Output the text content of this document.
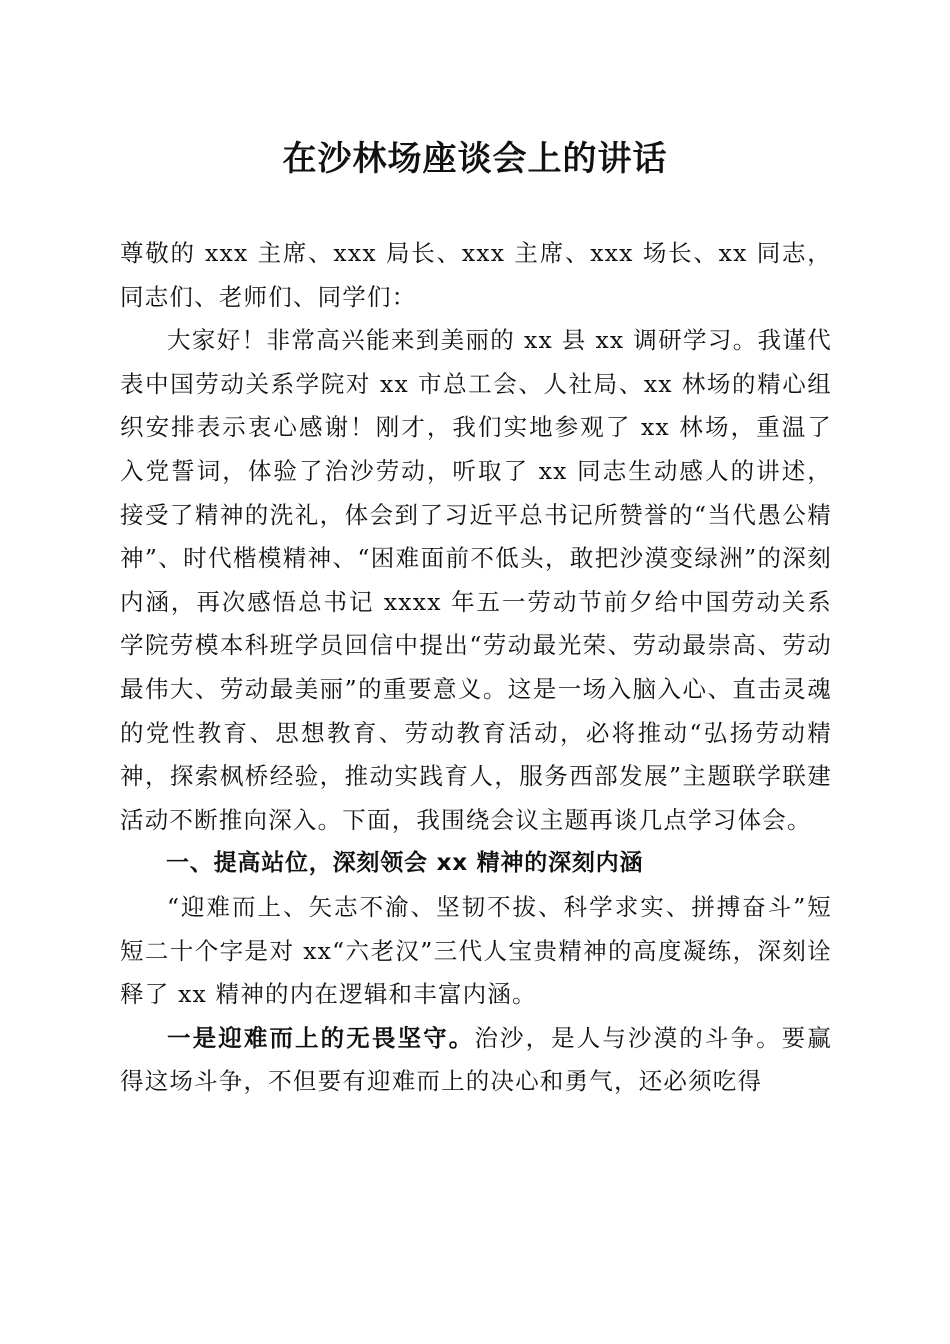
在沙林场座谈会上的讲话

尊敬的 xxx 主席、xxx 局长、xxx 主席、xxx 场长、xx 同志，同志们、老师们、同学们：

大家好！非常高兴能来到美丽的 xx 县 xx 调研学习。我谨代表中国劳动关系学院对 xx 市总工会、人社局、xx 林场的精心组织安排表示衷心感谢！刚才，我们实地参观了 xx 林场，重温了入党誓词，体验了治沙劳动，听取了 xx 同志生动感人的讲述，接受了精神的洗礼，体会到了习近平总书记所赞誉的“当代愚公精神”、时代楷模精神、“困难面前不低头，敢把沙漠变绿洲”的深刻内涵，再次感悟总书记 xxxx 年五一劳动节前夕给中国劳动关系学院劳模本科班学员回信中提出“劳动最光荣、劳动最崇高、劳动最伟大、劳动最美丽”的重要意义。这是一场入脑入心、直击灵魂的党性教育、思想教育、劳动教育活动，必将推动“弘扬劳动精神，探索枫桥经验，推动实践育人，服务西部发展”主题联学联建活动不断推向深入。下面，我围绕会议主题再谈几点学习体会。

一、提高站位，深刻领会 xx 精神的深刻内涵

“迎难而上、矢志不渝、坚韧不拔、科学求实、拼搏奋斗”短短二十个字是对 xx“六老汉”三代人宝贵精神的高度凝练，深刻诠释了 xx 精神的内在逻辑和丰富内涵。

一是迎难而上的无畏坚守。治沙，是人与沙漠的斗争。要赢得这场斗争，不但要有迎难而上的决心和勇气，还必须吃得
